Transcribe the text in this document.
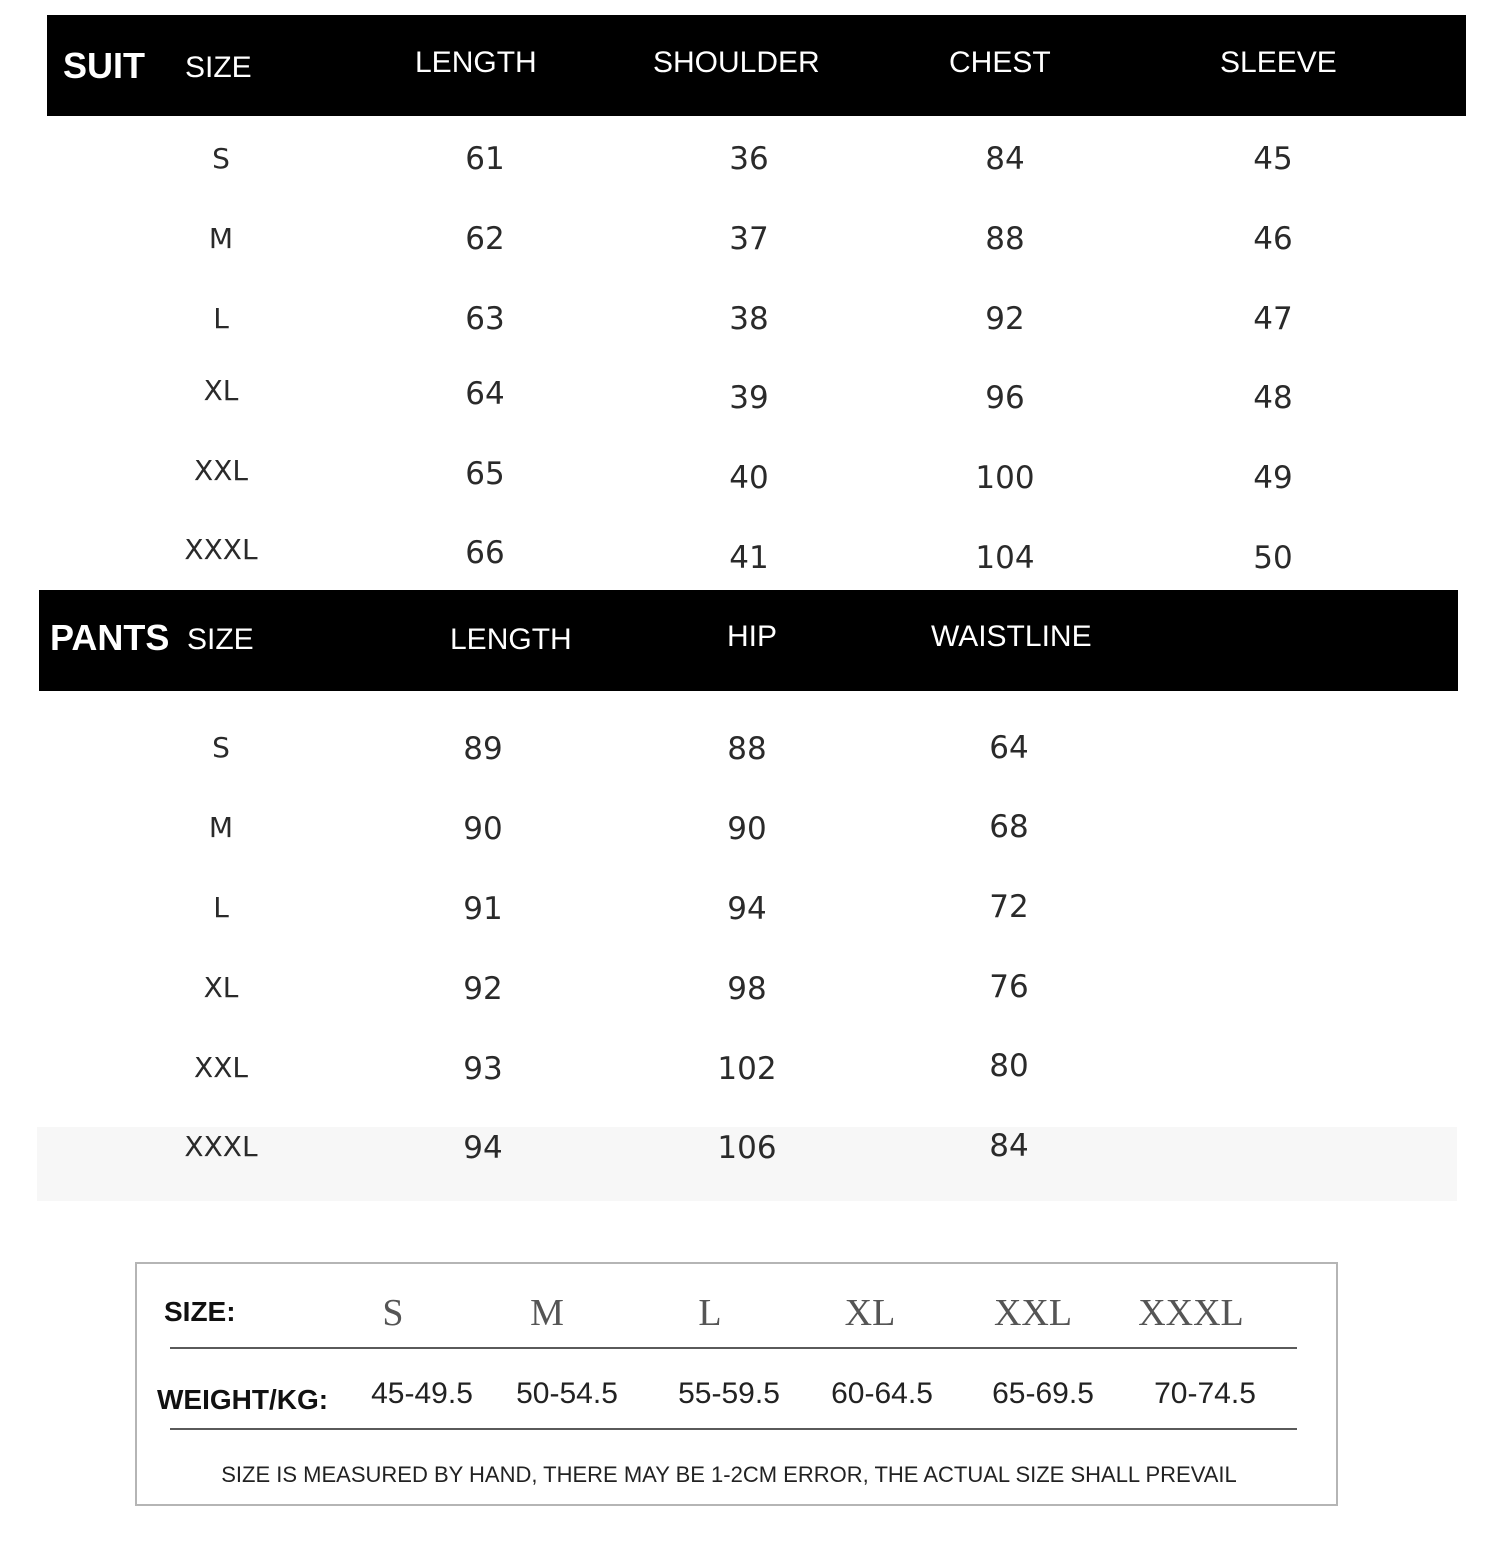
SUIT SIZE	LENGTH	SHOULDER	CHEST	SLEEVE
S	61	36	84	45
M	62	37	88	46
L	63	38	92	47
XL	64	39	96	48
XXL	65	40	100	49
XXXL	66	41	104	50
PANTS SIZE	LENGTH	HIP	WAISTLINE
S	89	88	64
M	90	90	68
L	91	94	72
XL	92	98	76
XXL	93	102	80
XXXL	94	106	84
SIZE:	S	M	L	XL	XXL	XXXL
WEIGHT/KG:	45-49.5	50-54.5	55-59.5	60-64.5	65-69.5	70-74.5
SIZE IS MEASURED BY HAND, THERE MAY BE 1-2CM ERROR, THE ACTUAL SIZE SHALL PREVAIL
